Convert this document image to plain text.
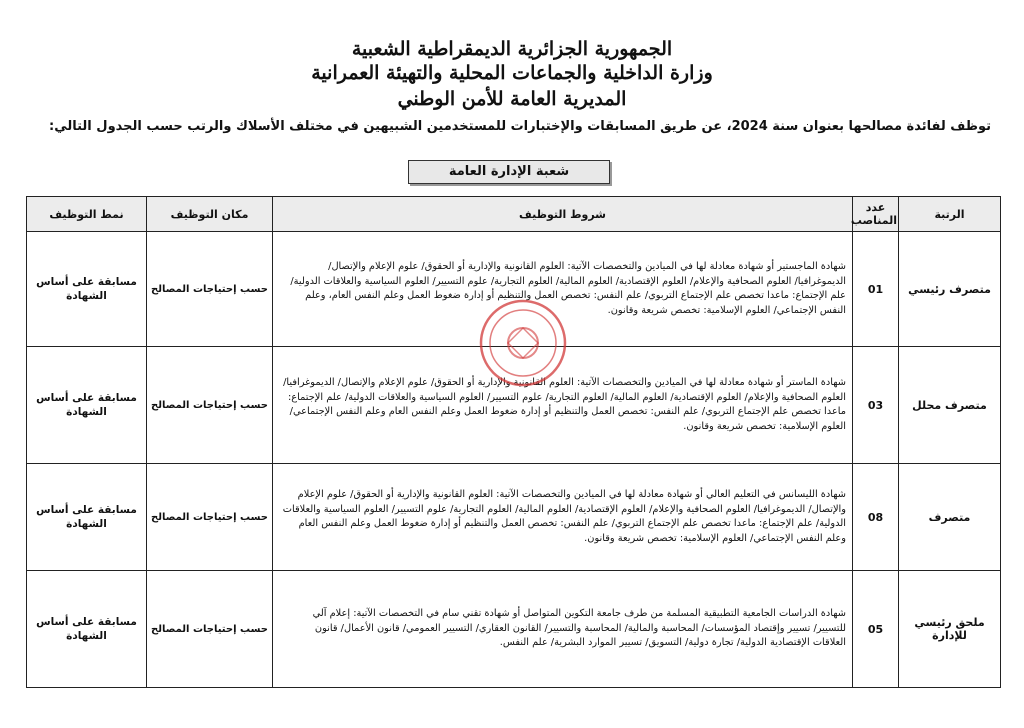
الجمهورية الجزائرية الديمقراطية الشعبية
وزارة الداخلية والجماعات المحلية والتهيئة العمرانية
المديرية العامة للأمن الوطني
توظف لفائدة مصالحها بعنوان سنة 2024، عن طريق المسابقات والإختبارات للمستخدمين الشبيهين في مختلف الأسلاك والرتب حسب الجدول التالي:
شعبة الإدارة العامة
الرتبة	عدد المناصب	شروط التوظيف	مكان التوظيف	نمط التوظيف
متصرف رئيسي	01	شهادة الماجستير أو شهادة معادلة لها في الميادين والتخصصات الآتية: العلوم القانونية والإدارية أو الحقوق/ علوم الإعلام والإتصال/ الديموغرافيا/ العلوم الصحافية والإعلام/ العلوم الإقتصادية/ العلوم المالية/ العلوم التجارية/ علوم التسيير/ العلوم السياسية والعلاقات الدولية/ علم الإجتماع: ماعدا تخصص علم الإجتماع التربوي/ علم النفس: تخصص العمل والتنظيم أو إدارة ضغوط العمل وعلم النفس العام، وعلم النفس الإجتماعي/ العلوم الإسلامية: تخصص شريعة وقانون.	حسب إحتياجات المصالح	مسابقة على أساس الشهادة
متصرف محلل	03	شهادة الماستر أو شهادة معادلة لها في الميادين والتخصصات الآتية: العلوم القانونية والإدارية أو الحقوق/ علوم الإعلام والإتصال/ الديموغرافيا/ العلوم الصحافية والإعلام/ العلوم الإقتصادية/ العلوم المالية/ العلوم التجارية/ علوم التسيير/ العلوم السياسية والعلاقات الدولية/ علم الإجتماع: ماعدا تخصص علم الإجتماع التربوي/ علم النفس: تخصص العمل والتنظيم أو إدارة ضغوط العمل وعلم النفس العام وعلم النفس الإجتماعي/ العلوم الإسلامية: تخصص شريعة وقانون.	حسب إحتياجات المصالح	مسابقة على أساس الشهادة
متصرف	08	شهادة الليسانس في التعليم العالي أو شهادة معادلة لها في الميادين والتخصصات الآتية: العلوم القانونية والإدارية أو الحقوق/ علوم الإعلام والإتصال/ الديموغرافيا/ العلوم الصحافية والإعلام/ العلوم الإقتصادية/ العلوم المالية/ العلوم التجارية/ علوم التسيير/ العلوم السياسية والعلاقات الدولية/ علم الإجتماع: ماعدا تخصص علم الإجتماع التربوي/ علم النفس: تخصص العمل والتنظيم أو إدارة ضغوط العمل وعلم النفس العام وعلم النفس الإجتماعي/ العلوم الإسلامية: تخصص شريعة وقانون.	حسب إحتياجات المصالح	مسابقة على أساس الشهادة
ملحق رئيسي للإدارة	05	شهادة الدراسات الجامعية التطبيقية المسلمة من طرف جامعة التكوين المتواصل أو شهادة تقني سام في التخصصات الآتية: إعلام آلي للتسيير/ تسيير وإقتصاد المؤسسات/ المحاسبة والمالية/ المحاسبة والتسيير/ القانون العقاري/ التسيير العمومي/ قانون الأعمال/ قانون العلاقات الإقتصادية الدولية/ تجارة دولية/ التسويق/ تسيير الموارد البشرية/ علم النفس.	حسب إحتياجات المصالح	مسابقة على أساس الشهادة
